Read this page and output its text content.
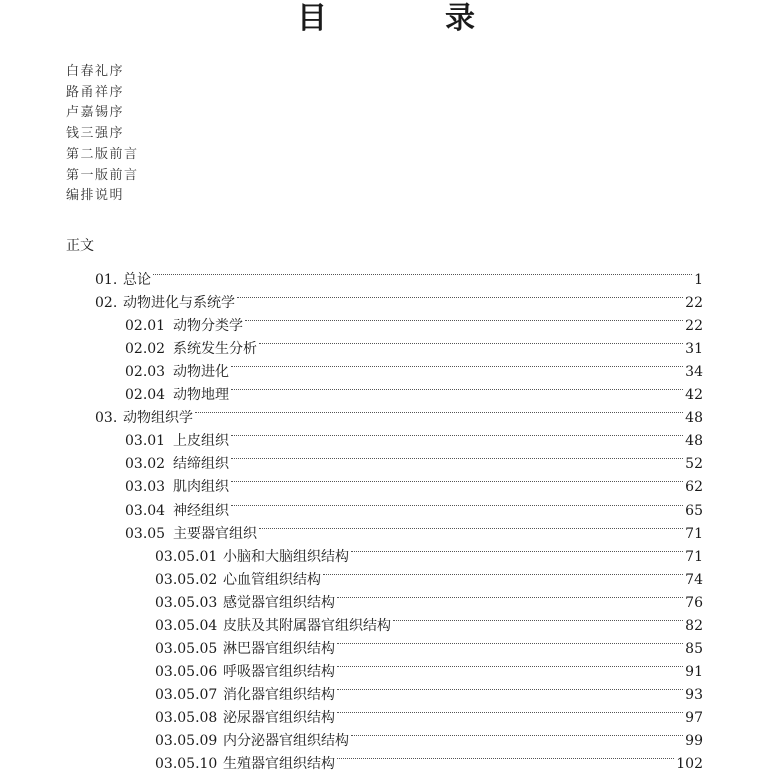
目　录
白春礼序
路甬祥序
卢嘉锡序
钱三强序
第二版前言
第一版前言
编排说明
正文
01. 总论	1
02. 动物进化与系统学	22
02.01 动物分类学	22
02.02 系统发生分析	31
02.03 动物进化	34
02.04 动物地理	42
03. 动物组织学	48
03.01 上皮组织	48
03.02 结缔组织	52
03.03 肌肉组织	62
03.04 神经组织	65
03.05 主要器官组织	71
03.05.01 小脑和大脑组织结构	71
03.05.02 心血管组织结构	74
03.05.03 感觉器官组织结构	76
03.05.04 皮肤及其附属器官组织结构	82
03.05.05 淋巴器官组织结构	85
03.05.06 呼吸器官组织结构	91
03.05.07 消化器官组织结构	93
03.05.08 泌尿器官组织结构	97
03.05.09 内分泌器官组织结构	99
03.05.10 生殖器官组织结构	102
